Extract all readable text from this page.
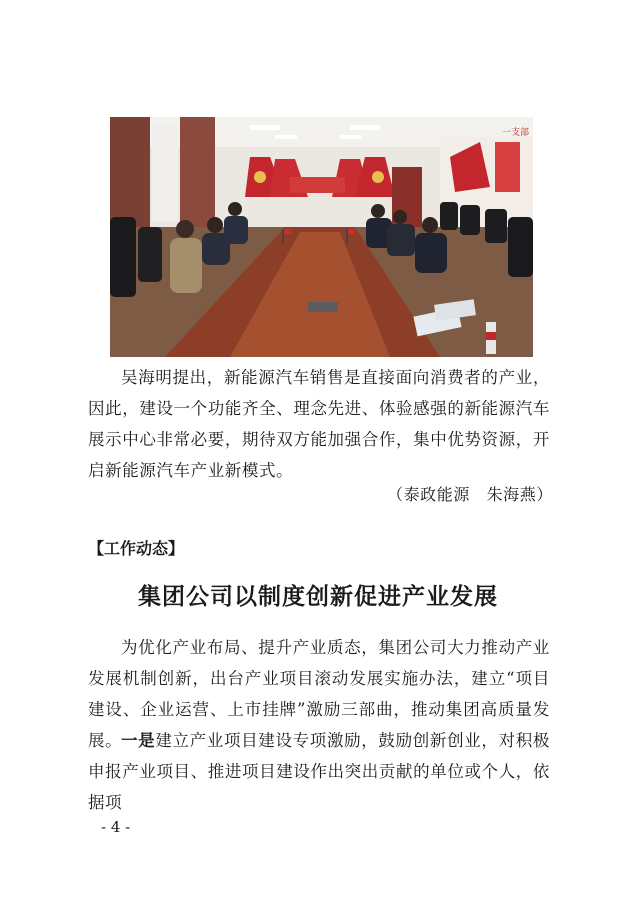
一支部

吴海明提出，新能源汽车销售是直接面向消费者的产业，因此，建设一个功能齐全、理念先进、体验感强的新能源汽车展示中心非常必要，期待双方能加强合作，集中优势资源，开启新能源汽车产业新模式。

（泰政能源　朱海燕）

【工作动态】

集团公司以制度创新促进产业发展

为优化产业布局、提升产业质态，集团公司大力推动产业发展机制创新，出台产业项目滚动发展实施办法，建立“项目建设、企业运营、上市挂牌”激励三部曲，推动集团高质量发展。

一是建立产业项目建设专项激励，鼓励创新创业，对积极申报产业项目、推进项目建设作出突出贡献的单位或个人，依据项

- 4 -
